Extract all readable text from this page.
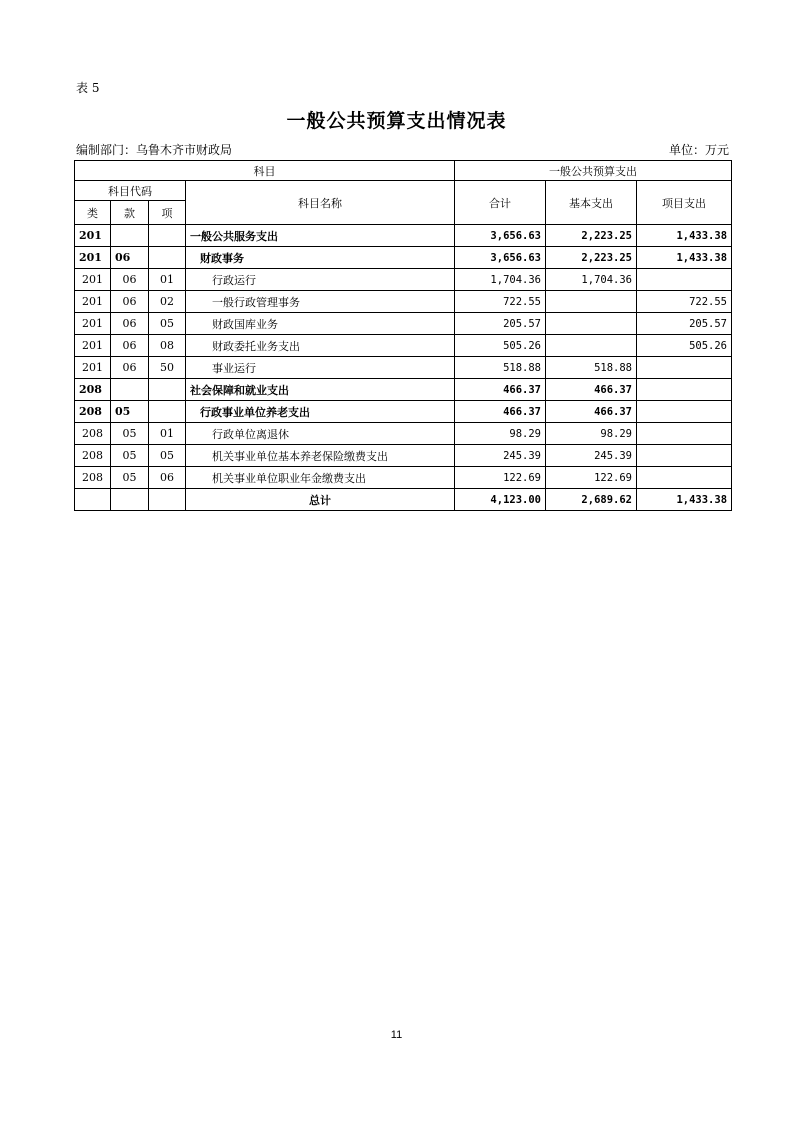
表 5
一般公共预算支出情况表
编制部门：乌鲁木齐市财政局	单位：万元
科目				一般公共预算支出		
科目代码			科目名称	合计	基本支出	项目支出
类	款	项				
201			一般公共服务支出	3,656.63	2,223.25	1,433.38
201	06		财政事务	3,656.63	2,223.25	1,433.38
201	06	01	行政运行	1,704.36	1,704.36	
201	06	02	一般行政管理事务	722.55		722.55
201	06	05	财政国库业务	205.57		205.57
201	06	08	财政委托业务支出	505.26		505.26
201	06	50	事业运行	518.88	518.88	
208			社会保障和就业支出	466.37	466.37	
208	05		行政事业单位养老支出	466.37	466.37	
208	05	01	行政单位离退休	98.29	98.29	
208	05	05	机关事业单位基本养老保险缴费支出	245.39	245.39	
208	05	06	机关事业单位职业年金缴费支出	122.69	122.69	
			总计	4,123.00	2,689.62	1,433.38
11
